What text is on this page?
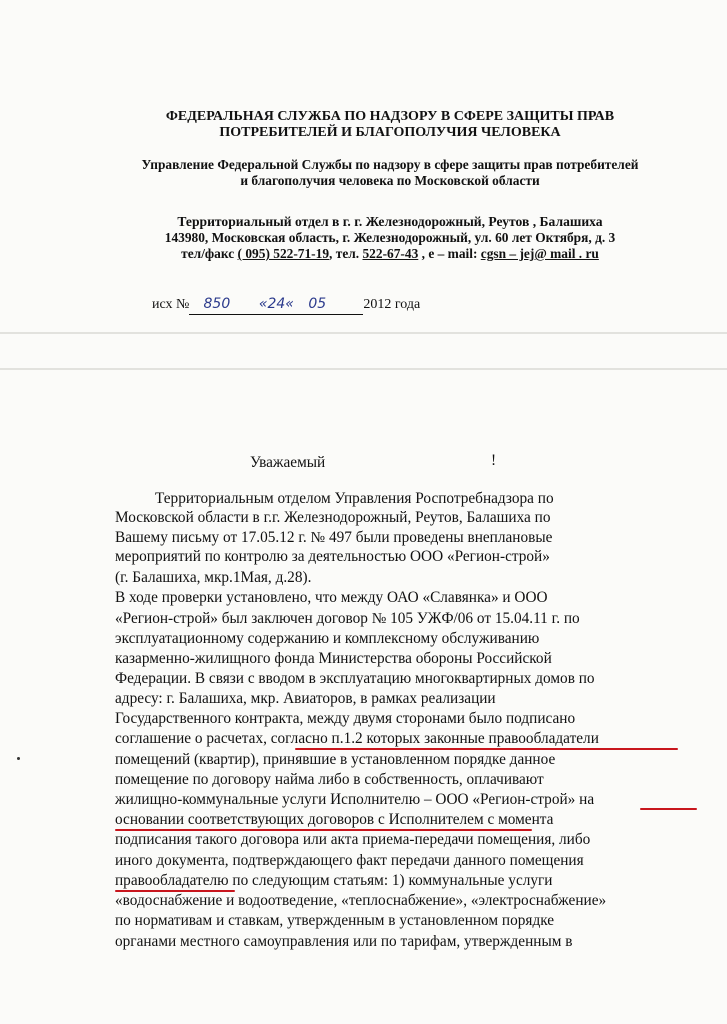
ФЕДЕРАЛЬНАЯ СЛУЖБА ПО НАДЗОРУ В СФЕРЕ ЗАЩИТЫ ПРАВ

ПОТРЕБИТЕЛЕЙ И БЛАГОПОЛУЧИЯ ЧЕЛОВЕКА

Управление Федеральной Службы по надзору в сфере защиты прав потребителей

и благополучия человека по Московской области

Территориальный отдел в г. г. Железнодорожный, Реутов , Балашиха

143980, Московская область, г. Железнодорожный, ул. 60 лет Октября, д. 3

тел/факс ( 095) 522-71-19, тел. 522-67-43 , е – mail: cgsn – jej@ mail . ru

исх № 850 «24« 05	2012 года
Уважаемый	!

Территориальным отделом Управления Роспотребнадзора по

Московской области в г.г. Железнодорожный, Реутов, Балашиха по

Вашему письму от 17.05.12 г. № 497 были проведены внеплановые

мероприятий по контролю за деятельностью ООО «Регион-строй»

(г. Балашиха, мкр.1Мая, д.28).

В ходе проверки установлено, что между ОАО «Славянка» и ООО

«Регион-строй» был заключен договор № 105 УЖФ/06 от 15.04.11 г. по

эксплуатационному содержанию и комплексному обслуживанию

казарменно-жилищного фонда Министерства обороны Российской

Федерации. В связи с вводом в эксплуатацию многоквартирных домов по

адресу: г. Балашиха, мкр. Авиаторов, в рамках реализации

Государственного контракта, между двумя сторонами было подписано

соглашение о расчетах, согласно п.1.2 которых законные правообладатели

помещений (квартир), принявшие в установленном порядке данное

помещение по договору найма либо в собственность, оплачивают

жилищно-коммунальные услуги Исполнителю – ООО «Регион-строй» на

основании соответствующих договоров с Исполнителем с момента

подписания такого договора или акта приема-передачи помещения, либо

иного документа, подтверждающего факт передачи данного помещения

правообладателю по следующим статьям: 1) коммунальные услуги

«водоснабжение и водоотведение, «теплоснабжение», «электроснабжение»

по нормативам и ставкам, утвержденным в установленном порядке

органами местного самоуправления или по тарифам, утвержденным в
